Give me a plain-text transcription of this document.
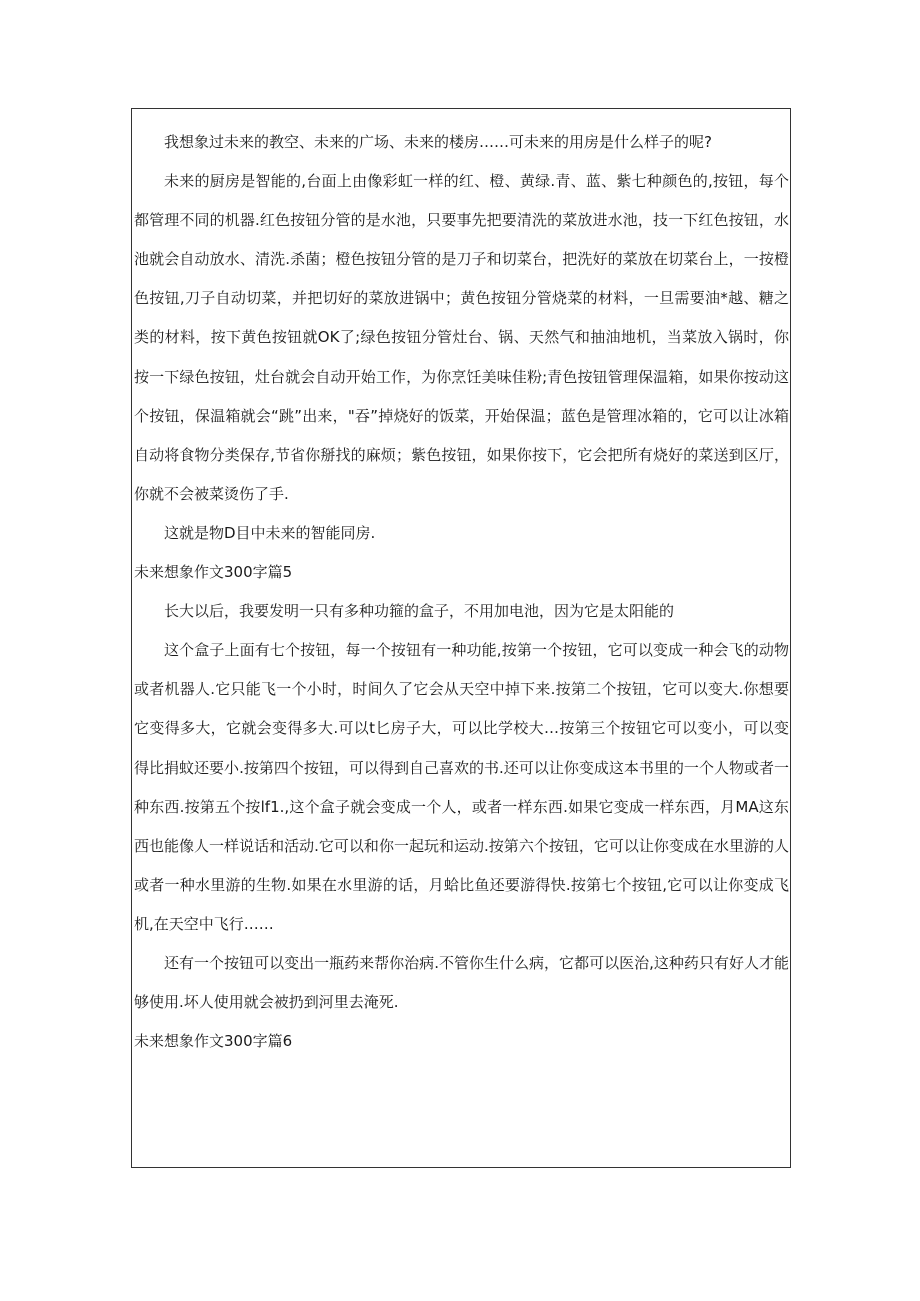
我想象过未来的教空、未来的广场、未来的楼房……可未来的用房是什么样子的呢?

未来的厨房是智能的,台面上由像彩虹一样的红、橙、黄绿.青、蓝、紫七种颜色的,按钮，每个都管理不同的机器.红色按钮分管的是水池，只要事先把要清洗的菜放进水池，技一下红色按钮，水池就会自动放水、清洗.杀菌；橙色按钮分管的是刀子和切菜台，把洗好的菜放在切菜台上，一按橙色按钮,刀子自动切菜，并把切好的菜放进锅中；黄色按钮分管烧菜的材料，一旦需要油*越、糖之类的材料，按下黄色按钮就OK了;绿色按钮分管灶台、锅、天然气和抽油地机，当菜放入锅时，你按一下绿色按钮，灶台就会自动开始工作，为你烹饪美味佳粉;青色按钮管理保温箱，如果你按动这个按钮，保温箱就会“跳”出来，"吞”掉烧好的饭菜，开始保温；蓝色是管理冰箱的，它可以让冰箱自动将食物分类保存,节省你掰找的麻烦；紫色按钮，如果你按下，它会把所有烧好的菜送到区厅，你就不会被菜烫伤了手.

这就是物D目中未来的智能同房.

未来想象作文300字篇5

长大以后，我要发明一只有多种功箍的盒子，不用加电池，因为它是太阳能的

这个盒子上面有七个按钮，每一个按钮有一种功能,按第一个按钮，它可以变成一种会飞的动物或者机器人.它只能飞一个小时，时间久了它会从天空中掉下来.按第二个按钮，它可以变大.你想要它变得多大，它就会变得多大.可以t匕房子大，可以比学校大…按第三个按钮它可以变小，可以变得比捐蚊还要小.按第四个按钮，可以得到自己喜欢的书.还可以让你变成这本书里的一个人物或者一种东西.按第五个按lf1.,这个盒子就会变成一个人，或者一样东西.如果它变成一样东西，月MA这东西也能像人一样说话和活动.它可以和你一起玩和运动.按第六个按钮，它可以让你变成在水里游的人或者一种水里游的生物.如果在水里游的话，月蛤比鱼还要游得快.按第七个按钮,它可以让你变成飞机,在天空中飞行……

还有一个按钮可以变出一瓶药来帮你治病.不管你生什么病，它都可以医治,这种药只有好人才能够使用.坏人使用就会被扔到河里去淹死.

未来想象作文300字篇6
